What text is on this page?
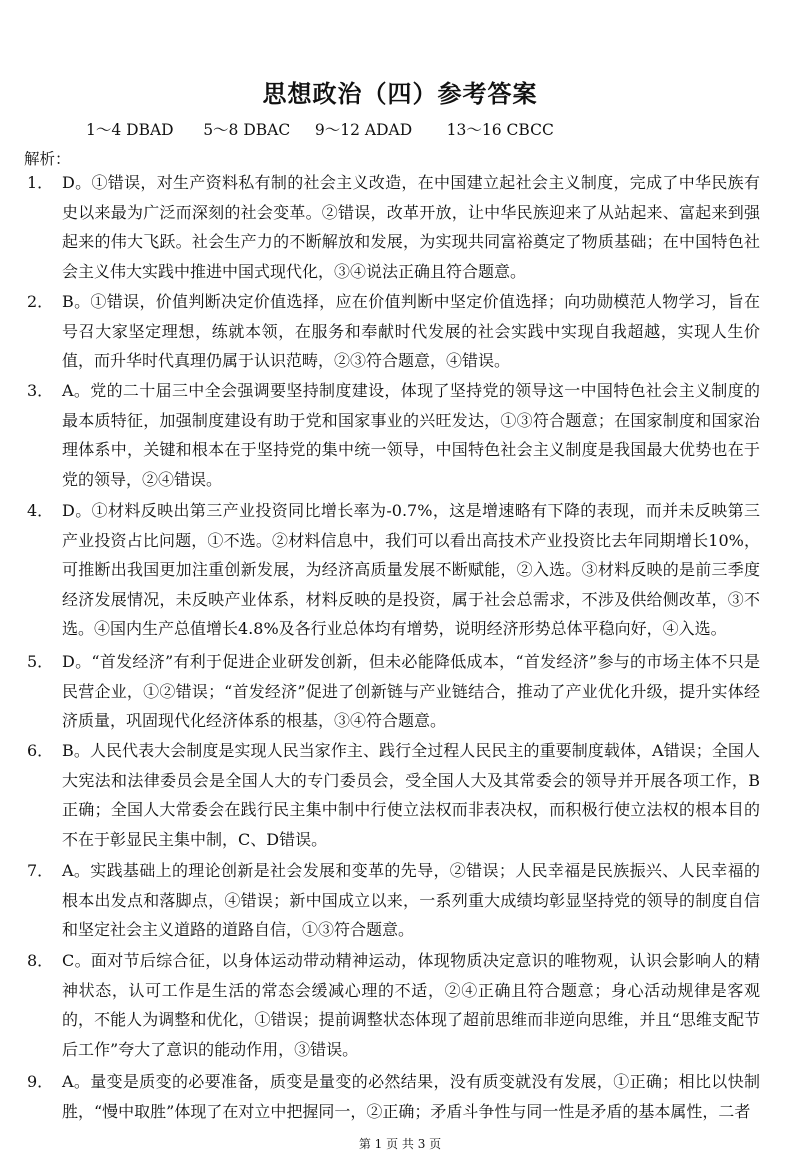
思想政治（四）参考答案
1～4 DBAD 5～8 DBAC 9～12 ADAD 13～16 CBCC
解析：
1． D。①错误，对生产资料私有制的社会主义改造，在中国建立起社会主义制度，完成了中华民族有史以来最为广泛而深刻的社会变革。②错误，改革开放，让中华民族迎来了从站起来、富起来到强起来的伟大飞跃。社会生产力的不断解放和发展，为实现共同富裕奠定了物质基础；在中国特色社会主义伟大实践中推进中国式现代化，③④说法正确且符合题意。

2． B。①错误，价值判断决定价值选择，应在价值判断中坚定价值选择；向功勋模范人物学习，旨在号召大家坚定理想，练就本领，在服务和奉献时代发展的社会实践中实现自我超越，实现人生价值，而升华时代真理仍属于认识范畴，②③符合题意，④错误。

3． A。党的二十届三中全会强调要坚持制度建设，体现了坚持党的领导这一中国特色社会主义制度的最本质特征，加强制度建设有助于党和国家事业的兴旺发达，①③符合题意；在国家制度和国家治理体系中，关键和根本在于坚持党的集中统一领导，中国特色社会主义制度是我国最大优势也在于党的领导，②④错误。

4． D。①材料反映出第三产业投资同比增长率为-0.7%，这是增速略有下降的表现，而并未反映第三产业投资占比问题，①不选。②材料信息中，我们可以看出高技术产业投资比去年同期增长10%，可推断出我国更加注重创新发展，为经济高质量发展不断赋能，②入选。③材料反映的是前三季度经济发展情况，未反映产业体系，材料反映的是投资，属于社会总需求，不涉及供给侧改革，③不选。④国内生产总值增长4.8%及各行业总体均有增势，说明经济形势总体平稳向好，④入选。

5． D。“首发经济”有利于促进企业研发创新，但未必能降低成本，“首发经济”参与的市场主体不只是民营企业，①②错误；“首发经济”促进了创新链与产业链结合，推动了产业优化升级，提升实体经济质量，巩固现代化经济体系的根基，③④符合题意。

6． B。人民代表大会制度是实现人民当家作主、践行全过程人民民主的重要制度载体，A错误；全国人大宪法和法律委员会是全国人大的专门委员会，受全国人大及其常委会的领导并开展各项工作，B正确；全国人大常委会在践行民主集中制中行使立法权而非表决权，而积极行使立法权的根本目的不在于彰显民主集中制，C、D错误。

7． A。实践基础上的理论创新是社会发展和变革的先导，②错误；人民幸福是民族振兴、人民幸福的根本出发点和落脚点，④错误；新中国成立以来，一系列重大成绩均彰显坚持党的领导的制度自信和坚定社会主义道路的道路自信，①③符合题意。

8． C。面对节后综合征，以身体运动带动精神运动，体现物质决定意识的唯物观，认识会影响人的精神状态，认可工作是生活的常态会缓减心理的不适，②④正确且符合题意；身心活动规律是客观的，不能人为调整和优化，①错误；提前调整状态体现了超前思维而非逆向思维，并且“思维支配节后工作”夸大了意识的能动作用，③错误。

9． A。量变是质变的必要准备，质变是量变的必然结果，没有质变就没有发展，①正确；相比以快制胜，“慢中取胜”体现了在对立中把握同一，②正确；矛盾斗争性与同一性是矛盾的基本属性，二者

第 1 页 共 3 页
